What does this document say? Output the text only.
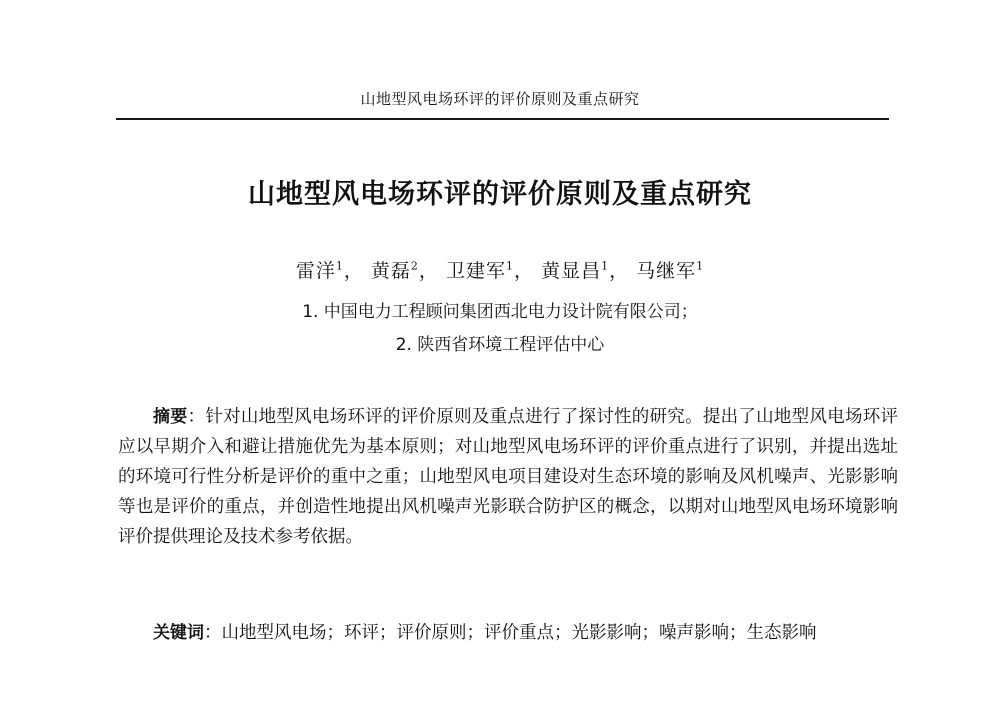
山地型风电场环评的评价原则及重点研究
山地型风电场环评的评价原则及重点研究
雷洋$^1$， 黄磊$^2$， 卫建军$^1$， 黄显昌$^1$， 马继军$^1$
1. 中国电力工程顾问集团西北电力设计院有限公司；
2. 陕西省环境工程评估中心

摘要：针对山地型风电场环评的评价原则及重点进行了探讨性的研究。提出了山地型风电场环评应以早期介入和避让措施优先为基本原则；对山地型风电场环评的评价重点进行了识别，并提出选址的环境可行性分析是评价的重中之重；山地型风电项目建设对生态环境的影响及风机噪声、光影影响等也是评价的重点，并创造性地提出风机噪声光影联合防护区的概念，以期对山地型风电场环境影响评价提供理论及技术参考依据。

关键词：山地型风电场；环评；评价原则；评价重点；光影影响；噪声影响；生态影响
